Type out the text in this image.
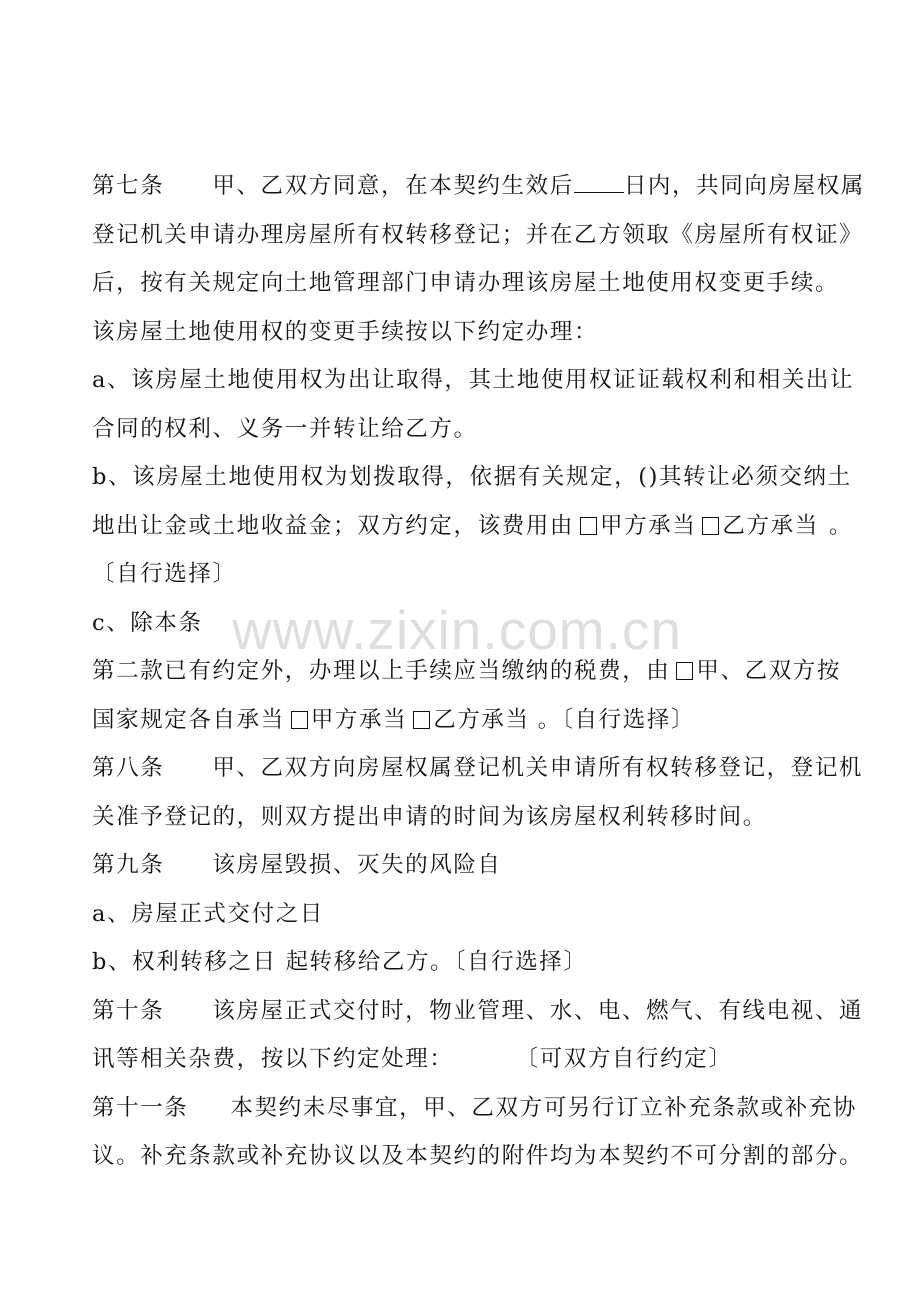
www.zixin.com.cn
第七条 甲、乙双方同意，在本契约生效后 日内，共同向房屋权属
登记机关申请办理房屋所有权转移登记；并在乙方领取《房屋所有权证》
后，按有关规定向土地管理部门申请办理该房屋土地使用权变更手续。
该房屋土地使用权的变更手续按以下约定办理：
a、该房屋土地使用权为出让取得，其土地使用权证证载权利和相关出让
合同的权利、义务一并转让给乙方。
b、该房屋土地使用权为划拨取得，依据有关规定，()其转让必须交纳土
地出让金或土地收益金；双方约定，该费用由 甲方承当 乙方承当 。
〔自行选择〕
c、除本条
第二款已有约定外，办理以上手续应当缴纳的税费，由 甲、乙双方按
国家规定各自承当 甲方承当 乙方承当 。〔自行选择〕
第八条 甲、乙双方向房屋权属登记机关申请所有权转移登记，登记机
关准予登记的，则双方提出申请的时间为该房屋权利转移时间。
第九条 该房屋毁损、灭失的风险自
a、房屋正式交付之日
b、权利转移之日 起转移给乙方。〔自行选择〕
第十条 该房屋正式交付时，物业管理、水、电、燃气、有线电视、通
讯等相关杂费，按以下约定处理：	〔可双方自行约定〕
第十一条 本契约未尽事宜，甲、乙双方可另行订立补充条款或补充协
议。补充条款或补充协议以及本契约的附件均为本契约不可分割的部分。
